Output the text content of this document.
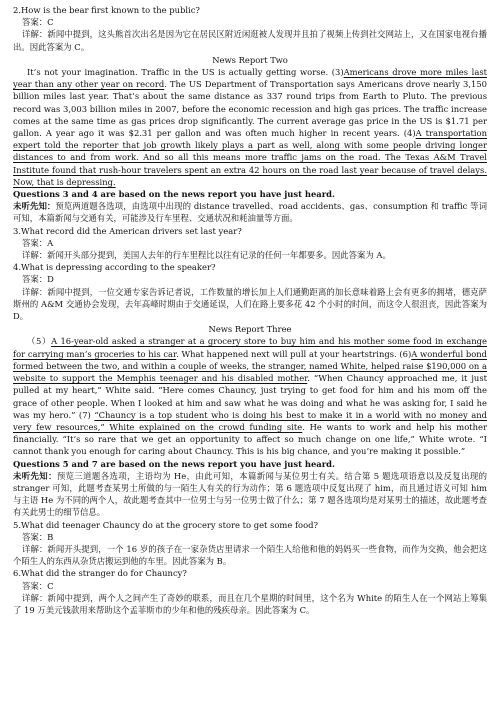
2.How is the bear first known to the public?

答案：C

详解：新闻中提到，这头熊首次出名是因为它在居民区附近闲逛被人发现并且拍了视频上传到社交网站上，又在国家电视台播出。因此答案为 C。

News Report Two

It’s not your imagination. Traffic in the US is actually getting worse. (3)Americans drove more miles last year than any other year on record. The US Department of Transportation says Americans drove nearly 3,150 billion miles last year. That’s about the same distance as 337 round trips from Earth to Pluto. The previous record was 3,003 billion miles in 2007, before the economic recession and high gas prices. The traffic increase comes at the same time as gas prices drop significantly. The current average gas price in the US is $1.71 per gallon. A year ago it was $2.31 per gallon and was often much higher in recent years. (4)A transportation expert told the reporter that job growth likely plays a part as well, along with some people driving longer distances to and from work. And so all this means more traffic jams on the road. The Texas A&M Travel Institute found that rush-hour travelers spent an extra 42 hours on the road last year because of travel delays. Now, that is depressing.

Questions 3 and 4 are based on the news report you have just heard.

未听先知：预览两道题各选项，由选项中出现的 distance travelled、road accidents、gas、consumption 和 traffic 等词可知，本篇新闻与交通有关，可能涉及行车里程、交通状况和耗油量等方面。

3.What record did the American drivers set last year?

答案：A

详解：新闻开头部分提到，美国人去年的行车里程比以往有记录的任何一年都要多。因此答案为 A。

4.What is depressing according to the speaker?

答案：D

详解：新闻中提到，一位交通专家告诉记者说，工作数量的增长加上人们通勤距离的加长意味着路上会有更多的拥堵，德克萨斯州的 A&M 交通协会发现，去年高峰时期由于交通延误，人们在路上要多花 42 个小时的时间，而这令人很沮丧，因此答案为 D。

News Report Three

（5）A 16-year-old asked a stranger at a grocery store to buy him and his mother some food in exchange for carrying man’s groceries to his car. What happened next will pull at your heartstrings. (6)A wonderful bond formed between the two, and within a couple of weeks, the stranger, named White, helped raise $190,000 on a website to support the Memphis teenager and his disabled mother. “When Chauncy approached me, it just pulled at my heart,” White said. “Here comes Chauncy, just trying to get food for him and his mom off the grace of other people. When I looked at him and saw what he was doing and what he was asking for, I said he was my hero.” (7) “Chauncy is a top student who is doing his best to make it in a world with no money and very few resources,” White explained on the crowd funding site. He wants to work and help his mother financially. “It’s so rare that we get an opportunity to affect so much change on one life,” White wrote. “I cannot thank you enough for caring about Chauncy. This is his big chance, and you’re making it possible.”

Questions 5 and 7 are based on the news report you have just heard.

未听先知：预览三道题各选项，主语均为 He，由此可知，本篇新闻与某位男士有关。结合第 5 题选项语意以及反复出现的 stranger 可知，此题考查某男士所做的与一陌生人有关的行为动作；第 6 题选项中反复出现了 him，而且通过语义可知 him 与主语 He 为不同的两个人，故此题考查其中一位男士与另一位男士做了什么；第 7 题各选项均是对某男士的描述，故此题考查有关此男士的细节信息。

5.What did teenager Chauncy do at the grocery store to get some food?

答案：B

详解：新闻开头提到，一个 16 岁的孩子在一家杂货店里请求一个陌生人给他和他的妈妈买一些食物，而作为交换，他会把这个陌生人的东西从杂货店搬运到他的车里。因此答案为 B。

6.What did the stranger do for Chauncy?

答案：C

详解：新闻中提到，两个人之间产生了奇妙的联系，而且在几个星期的时间里，这个名为 White 的陌生人在一个网站上筹集了 19 万美元钱款用来帮助这个孟菲斯市的少年和他的残疾母亲。因此答案为 C。
